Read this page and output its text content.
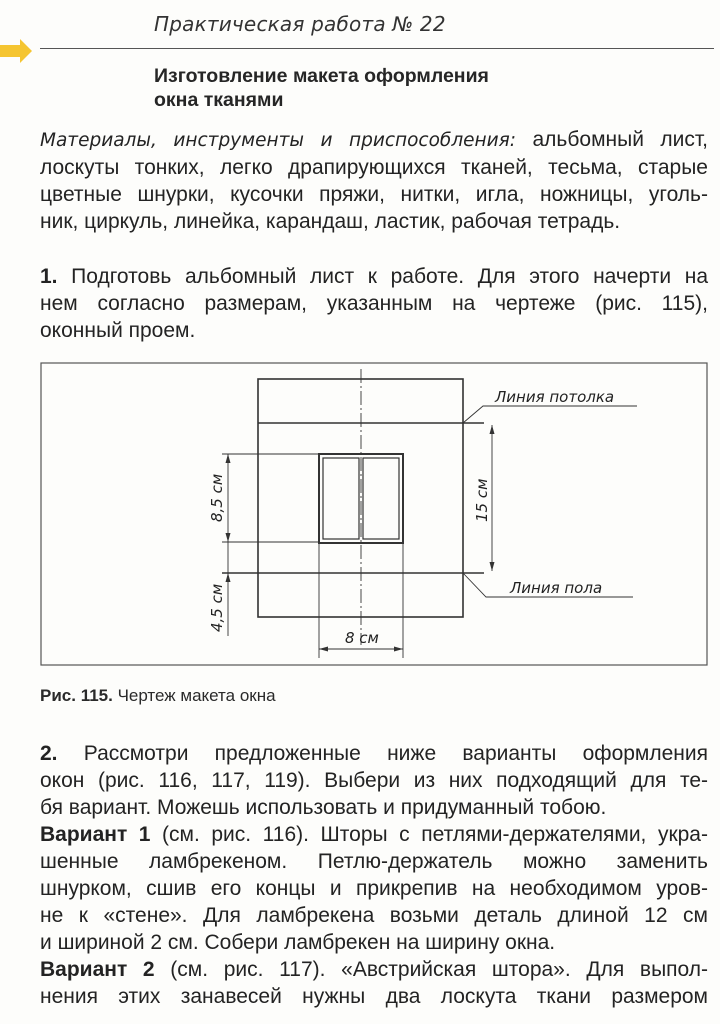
Практическая работа № 22
Изготовление макета оформления
окна тканями
Материалы, инструменты и приспособления: альбомный лист,
лоскуты тонких, легко драпирующихся тканей, тесьма, старые
цветные шнурки, кусочки пряжи, нитки, игла, ножницы, уголь-
ник, циркуль, линейка, карандаш, ластик, рабочая тетрадь.
1. Подготовь альбомный лист к работе. Для этого начерти на
нем согласно размерам, указанным на чертеже (рис. 115),
оконный проем.
Линия потолка
Линия пола
8 см
8,5 см
4,5 см
15 см
Рис. 115. Чертеж макета окна
2. Рассмотри предложенные ниже варианты оформления
окон (рис. 116, 117, 119). Выбери из них подходящий для те-
бя вариант. Можешь использовать и придуманный тобою.
Вариант 1 (см. рис. 116). Шторы с петлями-держателями, укра-
шенные ламбрекеном. Петлю-держатель можно заменить
шнурком, сшив его концы и прикрепив на необходимом уров-
не к «стене». Для ламбрекена возьми деталь длиной 12 см
и шириной 2 см. Собери ламбрекен на ширину окна.
Вариант 2 (см. рис. 117). «Австрийская штора». Для выпол-
нения этих занавесей нужны два лоскута ткани размером
